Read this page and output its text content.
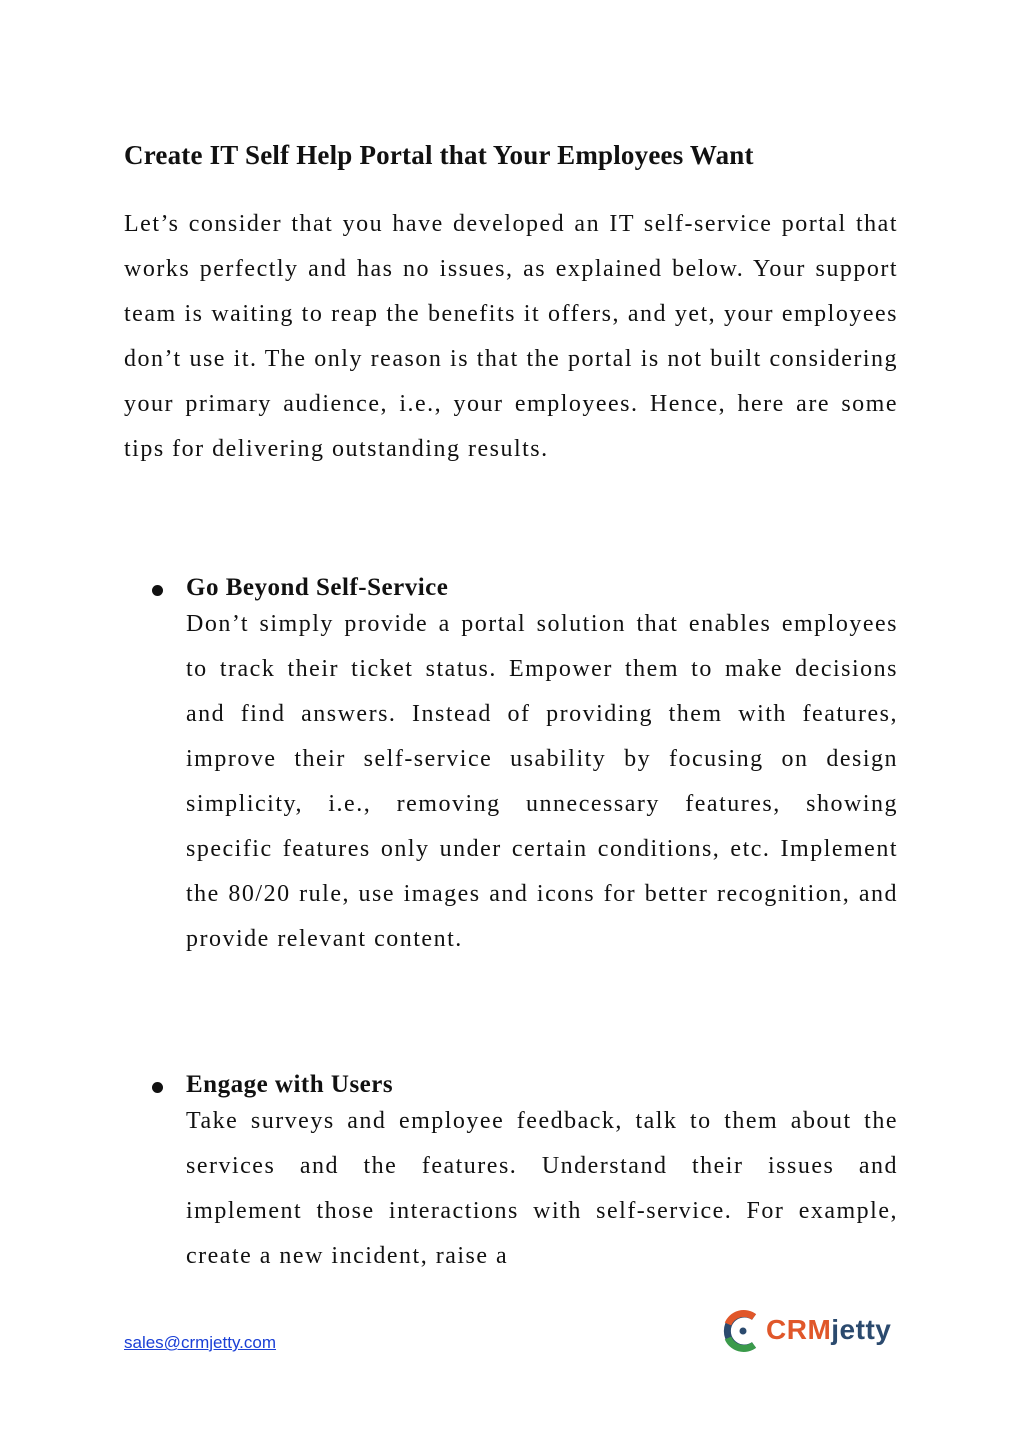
Create IT Self Help Portal that Your Employees Want

Let’s consider that you have developed an IT self-service portal that works perfectly and has no issues, as explained below. Your support team is waiting to reap the benefits it offers, and yet, your employees don’t use it. The only reason is that the portal is not built considering your primary audience, i.e., your employees. Hence, here are some tips for delivering outstanding results.

Go Beyond Self-Service

Don’t simply provide a portal solution that enables employees to track their ticket status. Empower them to make decisions and find answers. Instead of providing them with features, improve their self-service usability by focusing on design simplicity, i.e., removing unnecessary features, showing specific features only under certain conditions, etc. Implement the 80/20 rule, use images and icons for better recognition, and provide relevant content.

Engage with Users

Take surveys and employee feedback, talk to them about the services and the features. Understand their issues and implement those interactions with self-service. For example, create a new incident, raise a

sales@crmjetty.com	CRMjetty
